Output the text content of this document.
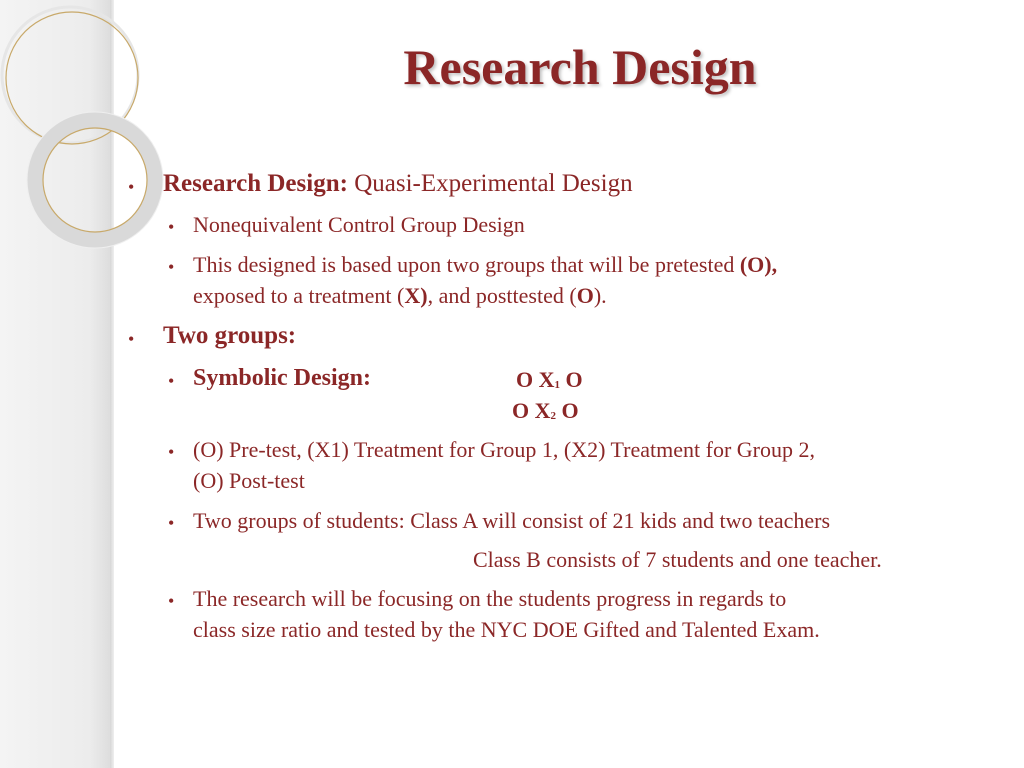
Research Design
• Research Design: Quasi-Experimental Design
• Nonequivalent Control Group Design
• This designed is based upon two groups that will be pretested (O),
exposed to a treatment (X), and posttested (O).
• Two groups:
• Symbolic Design:	O $X_1$ O
O $X_2$ O
• (O) Pre-test, (X1) Treatment for Group 1, (X2) Treatment for Group 2,
(O) Post-test
• Two groups of students: Class A will consist of 21 kids and two teachers
Class B consists of 7 students and one teacher.
• The research will be focusing on the students progress in regards to
class size ratio and tested by the NYC DOE Gifted and Talented Exam.
